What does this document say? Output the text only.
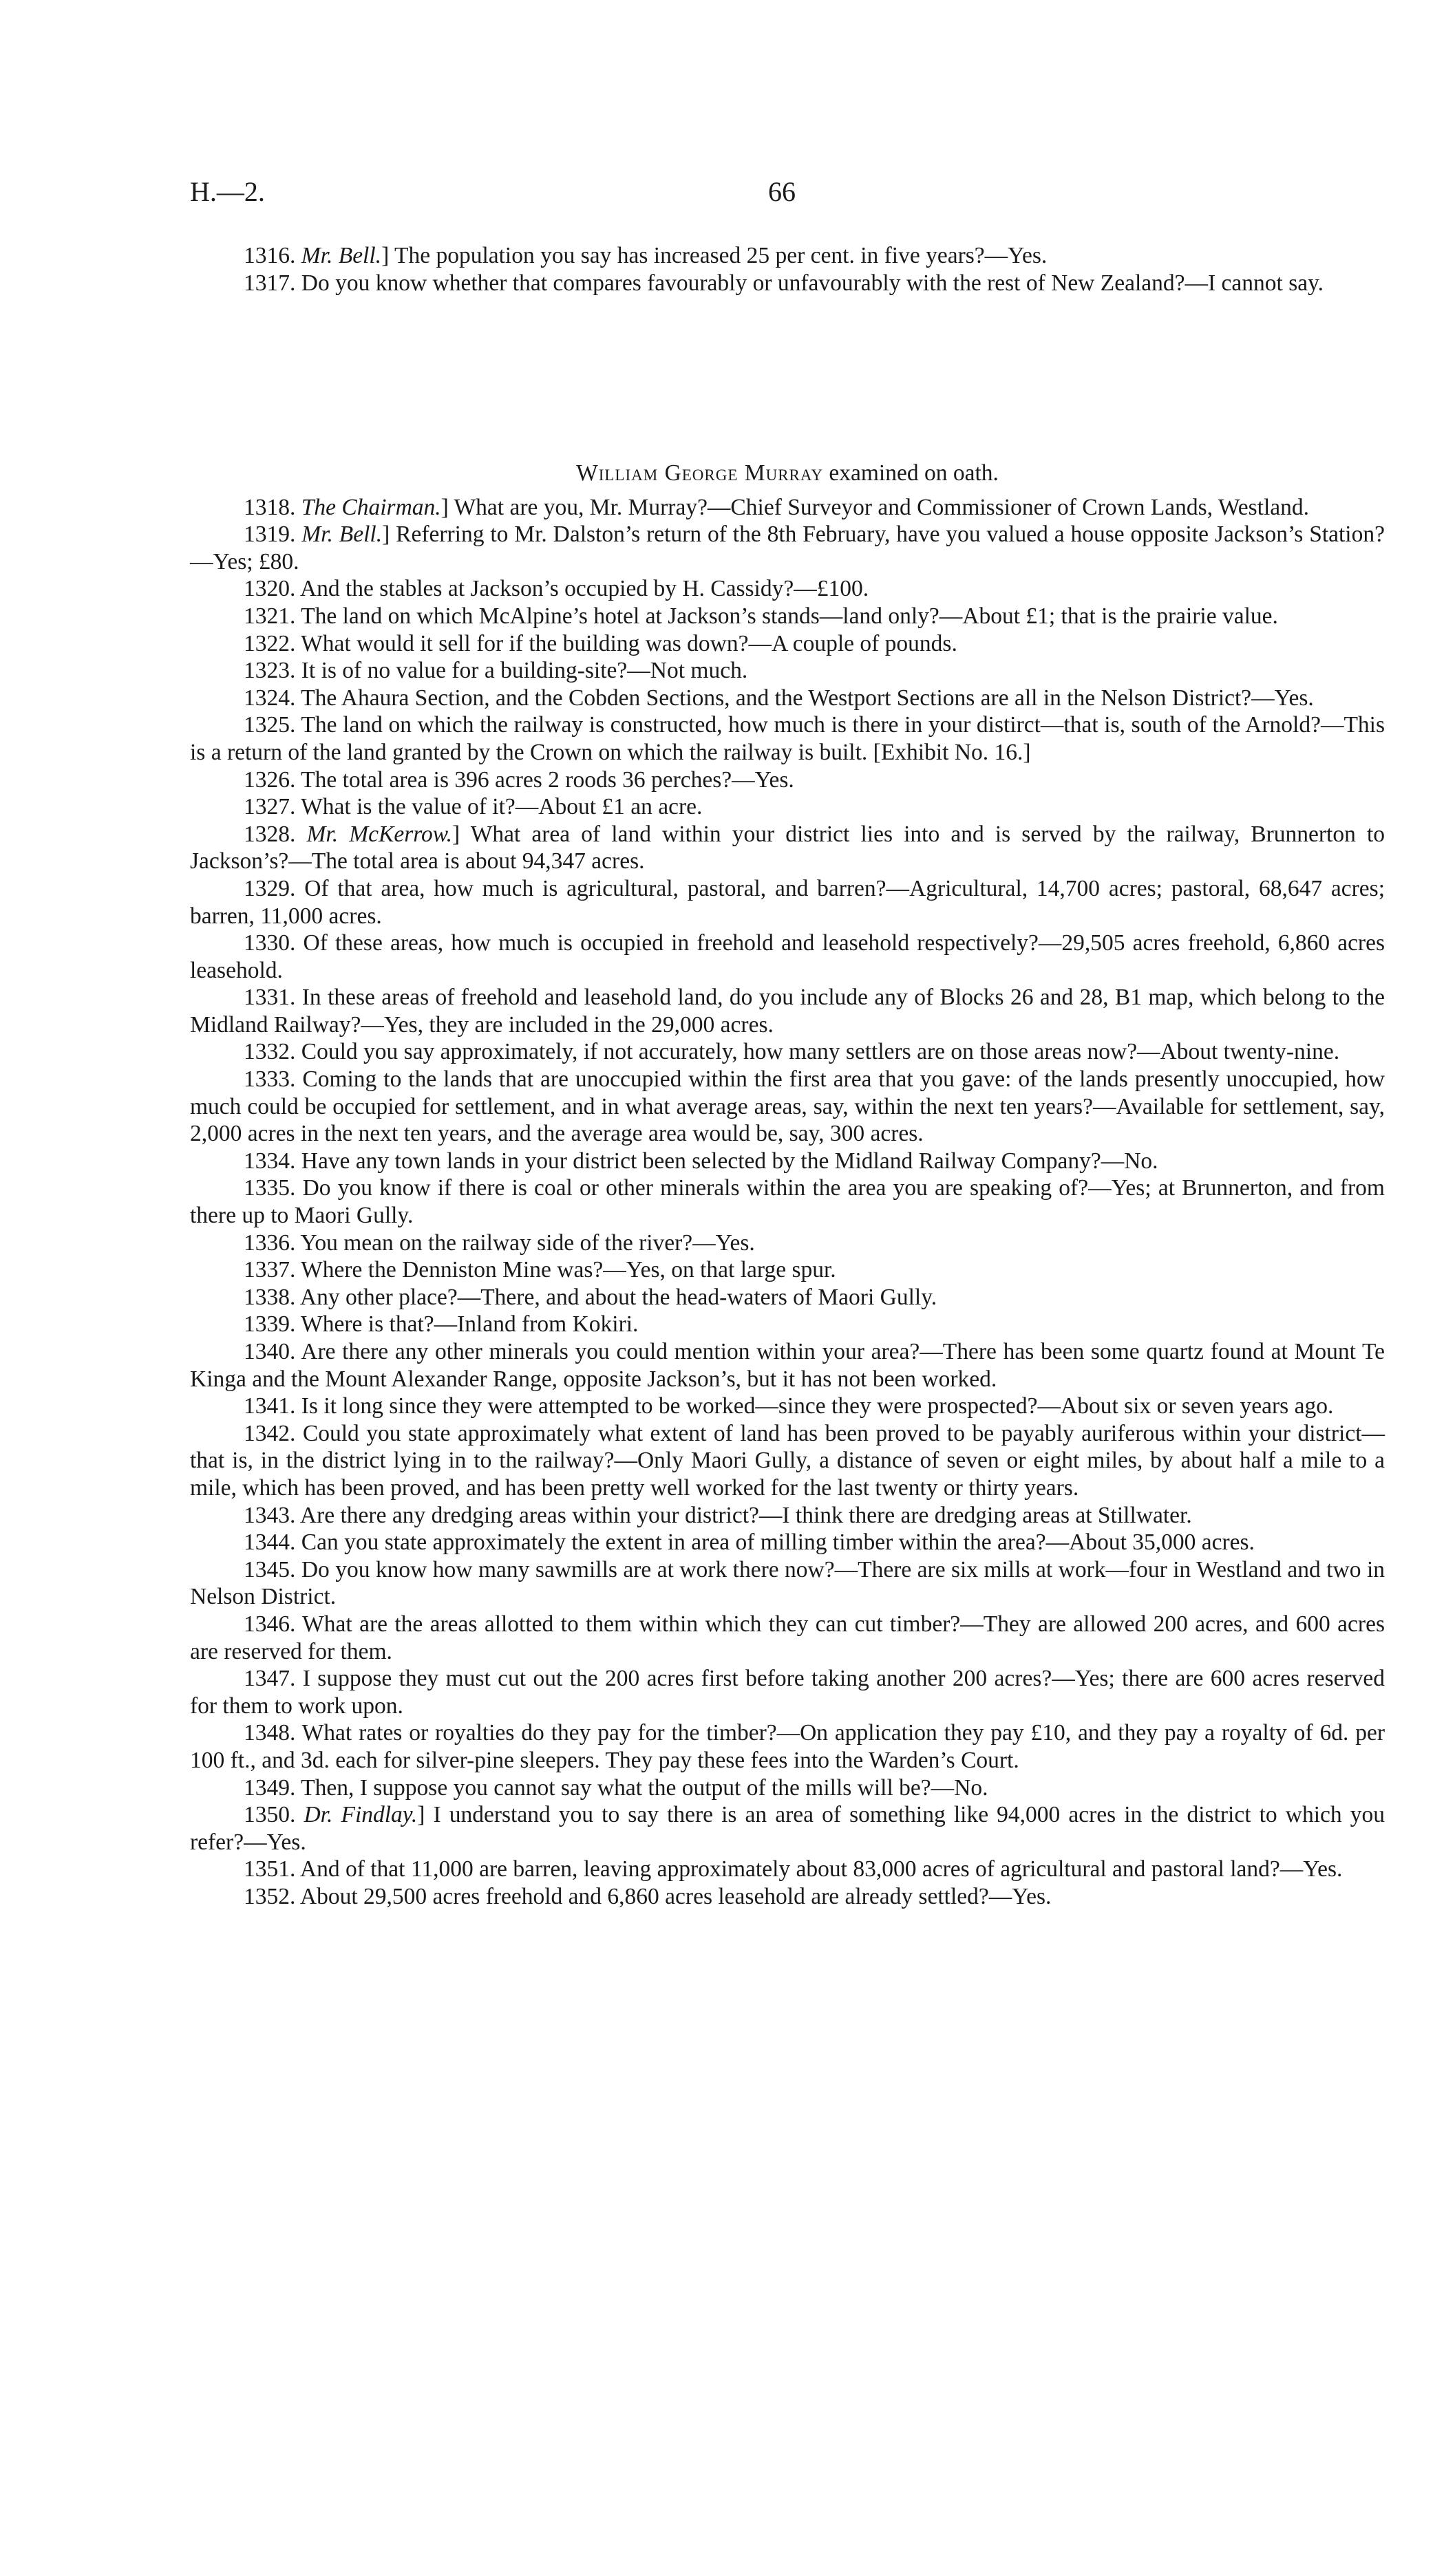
H.—2.	66

1316. Mr. Bell.] The population you say has increased 25 per cent. in five years?—Yes.

1317. Do you know whether that compares favourably or unfavourably with the rest of New Zealand?—I cannot say.

William George Murray examined on oath.

1318. The Chairman.] What are you, Mr. Murray?—Chief Surveyor and Commissioner of Crown Lands, Westland.

1319. Mr. Bell.] Referring to Mr. Dalston’s return of the 8th February, have you valued a house opposite Jackson’s Station?—Yes; £80.

1320. And the stables at Jackson’s occupied by H. Cassidy?—£100.

1321. The land on which McAlpine’s hotel at Jackson’s stands—land only?—About £1; that is the prairie value.

1322. What would it sell for if the building was down?—A couple of pounds.

1323. It is of no value for a building-site?—Not much.

1324. The Ahaura Section, and the Cobden Sections, and the Westport Sections are all in the Nelson District?—Yes.

1325. The land on which the railway is constructed, how much is there in your distirct—that is, south of the Arnold?—This is a return of the land granted by the Crown on which the railway is built. [Exhibit No. 16.]

1326. The total area is 396 acres 2 roods 36 perches?—Yes.

1327. What is the value of it?—About £1 an acre.

1328. Mr. McKerrow.] What area of land within your district lies into and is served by the railway, Brunnerton to Jackson’s?—The total area is about 94,347 acres.

1329. Of that area, how much is agricultural, pastoral, and barren?—Agricultural, 14,700 acres; pastoral, 68,647 acres; barren, 11,000 acres.

1330. Of these areas, how much is occupied in freehold and leasehold respectively?—29,505 acres freehold, 6,860 acres leasehold.

1331. In these areas of freehold and leasehold land, do you include any of Blocks 26 and 28, B1 map, which belong to the Midland Railway?—Yes, they are included in the 29,000 acres.

1332. Could you say approximately, if not accurately, how many settlers are on those areas now?—About twenty-nine.

1333. Coming to the lands that are unoccupied within the first area that you gave: of the lands presently unoccupied, how much could be occupied for settlement, and in what average areas, say, within the next ten years?—Available for settlement, say, 2,000 acres in the next ten years, and the average area would be, say, 300 acres.

1334. Have any town lands in your district been selected by the Midland Railway Company?—No.

1335. Do you know if there is coal or other minerals within the area you are speaking of?—Yes; at Brunnerton, and from there up to Maori Gully.

1336. You mean on the railway side of the river?—Yes.

1337. Where the Denniston Mine was?—Yes, on that large spur.

1338. Any other place?—There, and about the head-waters of Maori Gully.

1339. Where is that?—Inland from Kokiri.

1340. Are there any other minerals you could mention within your area?—There has been some quartz found at Mount Te Kinga and the Mount Alexander Range, opposite Jackson’s, but it has not been worked.

1341. Is it long since they were attempted to be worked—since they were prospected?—About six or seven years ago.

1342. Could you state approximately what extent of land has been proved to be payably auriferous within your district—that is, in the district lying in to the railway?—Only Maori Gully, a distance of seven or eight miles, by about half a mile to a mile, which has been proved, and has been pretty well worked for the last twenty or thirty years.

1343. Are there any dredging areas within your district?—I think there are dredging areas at Stillwater.

1344. Can you state approximately the extent in area of milling timber within the area?—About 35,000 acres.

1345. Do you know how many sawmills are at work there now?—There are six mills at work—four in Westland and two in Nelson District.

1346. What are the areas allotted to them within which they can cut timber?—They are allowed 200 acres, and 600 acres are reserved for them.

1347. I suppose they must cut out the 200 acres first before taking another 200 acres?—Yes; there are 600 acres reserved for them to work upon.

1348. What rates or royalties do they pay for the timber?—On application they pay £10, and they pay a royalty of 6d. per 100 ft., and 3d. each for silver-pine sleepers. They pay these fees into the Warden’s Court.

1349. Then, I suppose you cannot say what the output of the mills will be?—No.

1350. Dr. Findlay.] I understand you to say there is an area of something like 94,000 acres in the district to which you refer?—Yes.

1351. And of that 11,000 are barren, leaving approximately about 83,000 acres of agricultural and pastoral land?—Yes.

1352. About 29,500 acres freehold and 6,860 acres leasehold are already settled?—Yes.
